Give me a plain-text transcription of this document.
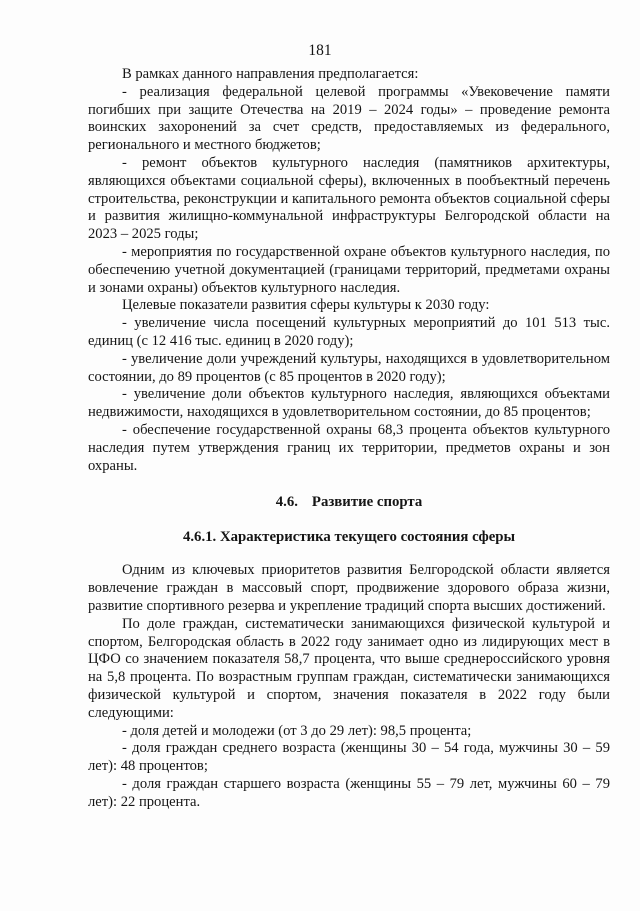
181

В рамках данного направления предполагается:

- реализация федеральной целевой программы «Увековечение памяти погибших при защите Отечества на 2019 – 2024 годы» – проведение ремонта воинских захоронений за счет средств, предоставляемых из федерального, регионального и местного бюджетов;

- ремонт объектов культурного наследия (памятников архитектуры, являющихся объектами социальной сферы), включенных в пообъектный перечень строительства, реконструкции и капитального ремонта объектов социальной сферы и развития жилищно-коммунальной инфраструктуры Белгородской области на 2023 – 2025 годы;

- мероприятия по государственной охране объектов культурного наследия, по обеспечению учетной документацией (границами территорий, предметами охраны и зонами охраны) объектов культурного наследия.

Целевые показатели развития сферы культуры к 2030 году:

- увеличение числа посещений культурных мероприятий до 101 513 тыс. единиц (с 12 416 тыс. единиц в 2020 году);

- увеличение доли учреждений культуры, находящихся в удовлетворительном состоянии, до 89 процентов (с 85 процентов в 2020 году);

- увеличение доли объектов культурного наследия, являющихся объектами недвижимости, находящихся в удовлетворительном состоянии, до 85 процентов;

- обеспечение государственной охраны 68,3 процента объектов культурного наследия путем утверждения границ их территории, предметов охраны и зон охраны.

4.6. Развитие спорта
4.6.1. Характеристика текущего состояния сферы

Одним из ключевых приоритетов развития Белгородской области является вовлечение граждан в массовый спорт, продвижение здорового образа жизни, развитие спортивного резерва и укрепление традиций спорта высших достижений.

По доле граждан, систематически занимающихся физической культурой и спортом, Белгородская область в 2022 году занимает одно из лидирующих мест в ЦФО со значением показателя 58,7 процента, что выше среднероссийского уровня на 5,8 процента. По возрастным группам граждан, систематически занимающихся физической культурой и спортом, значения показателя в 2022 году были следующими:

- доля детей и молодежи (от 3 до 29 лет): 98,5 процента;

- доля граждан среднего возраста (женщины 30 – 54 года, мужчины 30 – 59 лет): 48 процентов;

- доля граждан старшего возраста (женщины 55 – 79 лет, мужчины 60 – 79 лет): 22 процента.
